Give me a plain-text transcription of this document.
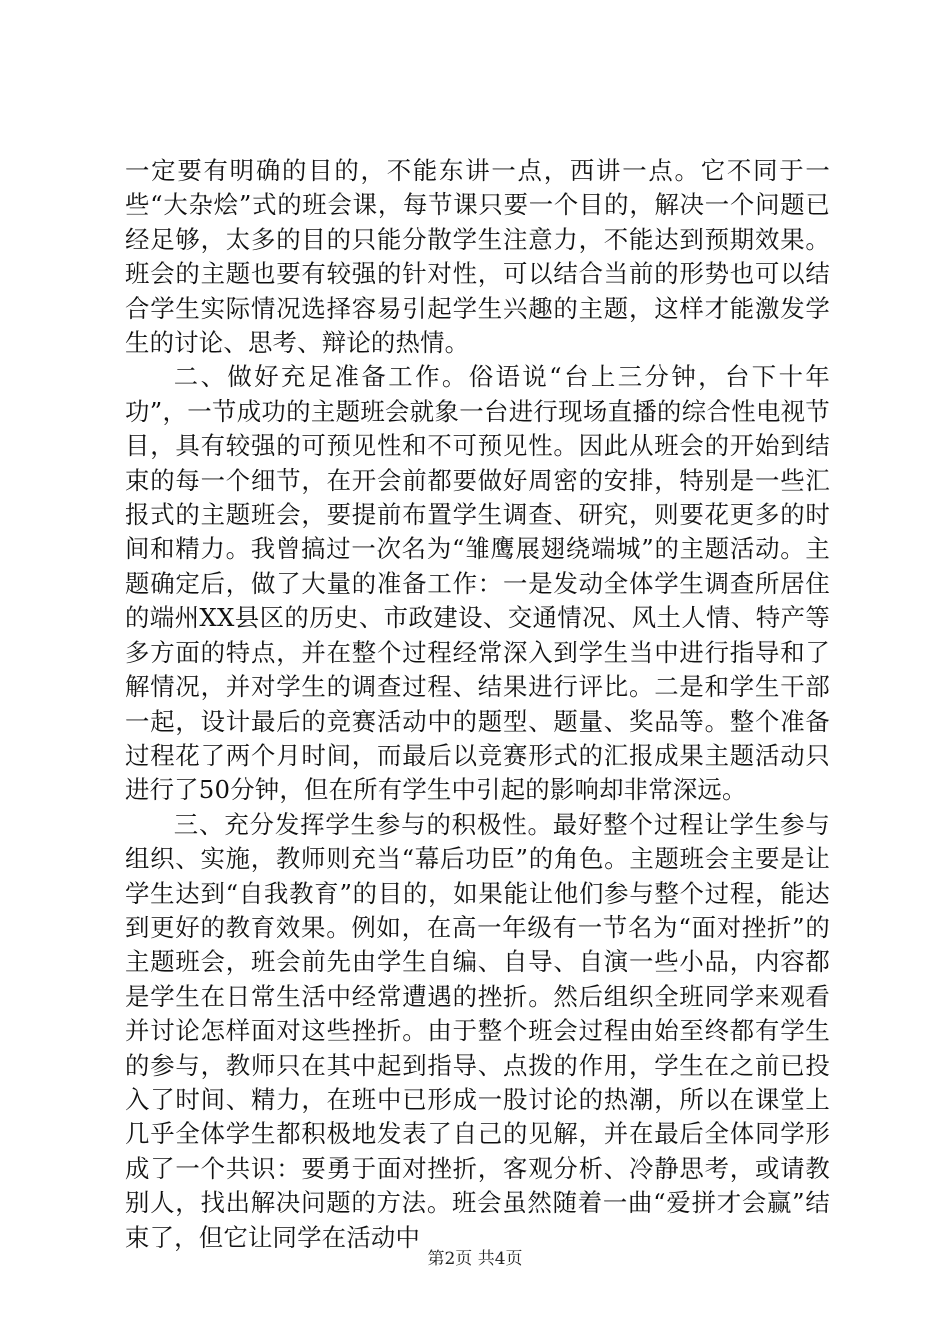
一定要有明确的目的，不能东讲一点，西讲一点。它不同于一些“大杂烩”式的班会课，每节课只要一个目的，解决一个问题已经足够，太多的目的只能分散学生注意力，不能达到预期效果。班会的主题也要有较强的针对性，可以结合当前的形势也可以结合学生实际情况选择容易引起学生兴趣的主题，这样才能激发学生的讨论、思考、辩论的热情。

二、做好充足准备工作。俗语说“台上三分钟，台下十年功”，一节成功的主题班会就象一台进行现场直播的综合性电视节目，具有较强的可预见性和不可预见性。因此从班会的开始到结束的每一个细节，在开会前都要做好周密的安排，特别是一些汇报式的主题班会，要提前布置学生调查、研究，则要花更多的时间和精力。我曾搞过一次名为“雏鹰展翅绕端城”的主题活动。主题确定后，做了大量的准备工作：一是发动全体学生调查所居住的端州XX县区的历史、市政建设、交通情况、风土人情、特产等多方面的特点，并在整个过程经常深入到学生当中进行指导和了解情况，并对学生的调查过程、结果进行评比。二是和学生干部一起，设计最后的竞赛活动中的题型、题量、奖品等。整个准备过程花了两个月时间，而最后以竞赛形式的汇报成果主题活动只进行了50分钟，但在所有学生中引起的影响却非常深远。

三、充分发挥学生参与的积极性。最好整个过程让学生参与组织、实施，教师则充当“幕后功臣”的角色。主题班会主要是让学生达到“自我教育”的目的，如果能让他们参与整个过程，能达到更好的教育效果。例如，在高一年级有一节名为“面对挫折”的主题班会，班会前先由学生自编、自导、自演一些小品，内容都是学生在日常生活中经常遭遇的挫折。然后组织全班同学来观看并讨论怎样面对这些挫折。由于整个班会过程由始至终都有学生的参与，教师只在其中起到指导、点拨的作用，学生在之前已投入了时间、精力，在班中已形成一股讨论的热潮，所以在课堂上几乎全体学生都积极地发表了自己的见解，并在最后全体同学形成了一个共识：要勇于面对挫折，客观分析、冷静思考，或请教别人，找出解决问题的方法。班会虽然随着一曲“爱拼才会赢”结束了，但它让同学在活动中

第2页 共4页
